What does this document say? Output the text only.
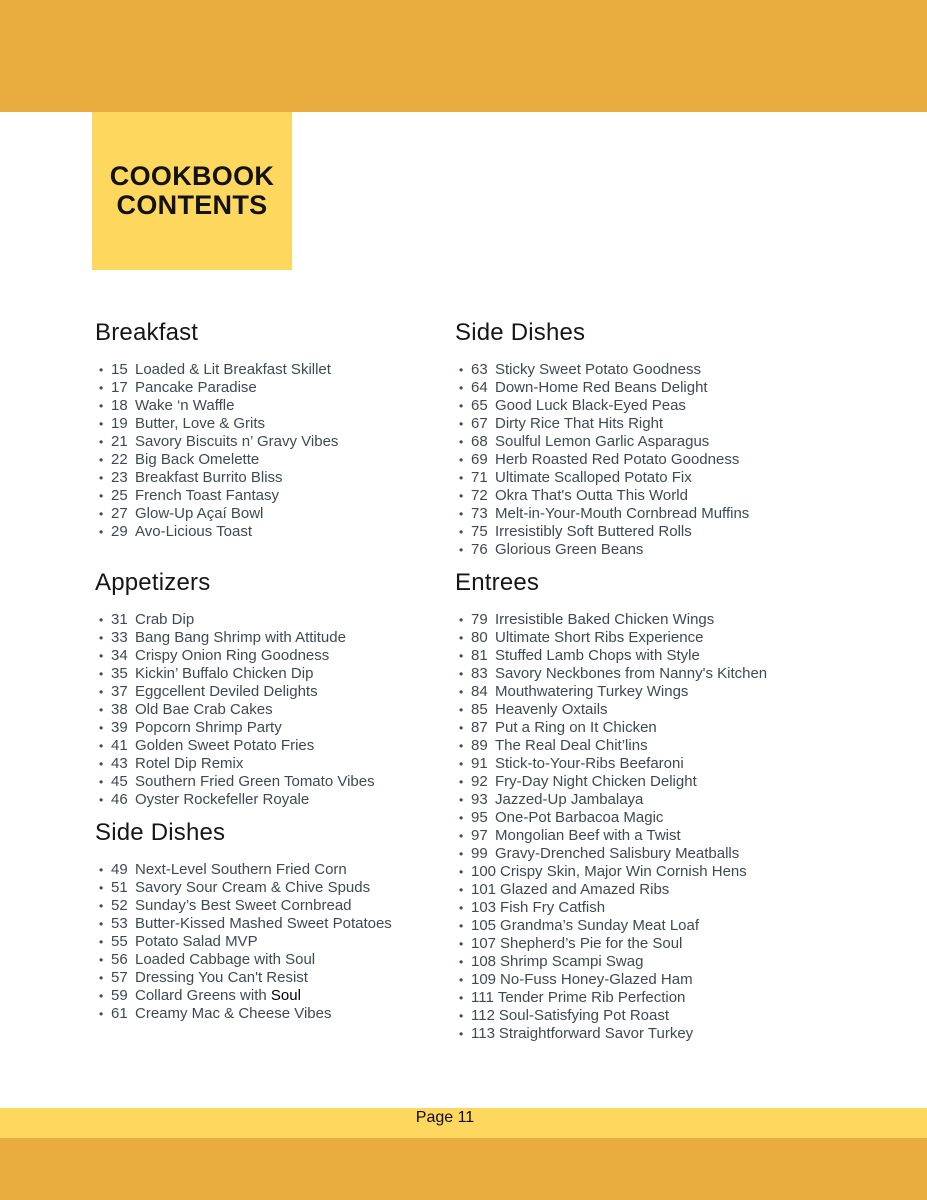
COOKBOOK
CONTENTS
Breakfast
• 15 Loaded & Lit Breakfast Skillet
• 17 Pancake Paradise
• 18 Wake ‘n Waffle
• 19 Butter, Love & Grits
• 21 Savory Biscuits n’ Gravy Vibes
• 22 Big Back Omelette
• 23 Breakfast Burrito Bliss
• 25 French Toast Fantasy
• 27 Glow-Up Açaí Bowl
• 29 Avo-Licious Toast
Appetizers
• 31 Crab Dip
• 33 Bang Bang Shrimp with Attitude
• 34 Crispy Onion Ring Goodness
• 35 Kickin’ Buffalo Chicken Dip
• 37 Eggcellent Deviled Delights
• 38 Old Bae Crab Cakes
• 39 Popcorn Shrimp Party
• 41 Golden Sweet Potato Fries
• 43 Rotel Dip Remix
• 45 Southern Fried Green Tomato Vibes
• 46 Oyster Rockefeller Royale
Side Dishes
• 49 Next-Level Southern Fried Corn
• 51 Savory Sour Cream & Chive Spuds
• 52 Sunday’s Best Sweet Cornbread
• 53 Butter-Kissed Mashed Sweet Potatoes
• 55 Potato Salad MVP
• 56 Loaded Cabbage with Soul
• 57 Dressing You Can't Resist
• 59 Collard Greens with Soul
• 61 Creamy Mac & Cheese Vibes
Side Dishes
• 63 Sticky Sweet Potato Goodness
• 64 Down-Home Red Beans Delight
• 65 Good Luck Black-Eyed Peas
• 67 Dirty Rice That Hits Right
• 68 Soulful Lemon Garlic Asparagus
• 69 Herb Roasted Red Potato Goodness
• 71 Ultimate Scalloped Potato Fix
• 72 Okra That's Outta This World
• 73 Melt-in-Your-Mouth Cornbread Muffins
• 75 Irresistibly Soft Buttered Rolls
• 76 Glorious Green Beans
Entrees
• 79 Irresistible Baked Chicken Wings
• 80 Ultimate Short Ribs Experience
• 81 Stuffed Lamb Chops with Style
• 83 Savory Neckbones from Nanny's Kitchen
• 84 Mouthwatering Turkey Wings
• 85 Heavenly Oxtails
• 87 Put a Ring on It Chicken
• 89 The Real Deal Chit’lins
• 91 Stick-to-Your-Ribs Beefaroni
• 92 Fry-Day Night Chicken Delight
• 93 Jazzed-Up Jambalaya
• 95 One-Pot Barbacoa Magic
• 97 Mongolian Beef with a Twist
• 99 Gravy-Drenched Salisbury Meatballs
• 100 Crispy Skin, Major Win Cornish Hens
• 101 Glazed and Amazed Ribs
• 103 Fish Fry Catfish
• 105 Grandma’s Sunday Meat Loaf
• 107 Shepherd’s Pie for the Soul
• 108 Shrimp Scampi Swag
• 109 No-Fuss Honey-Glazed Ham
• 111 Tender Prime Rib Perfection
• 112 Soul-Satisfying Pot Roast
• 113 Straightforward Savor Turkey
Page 11
